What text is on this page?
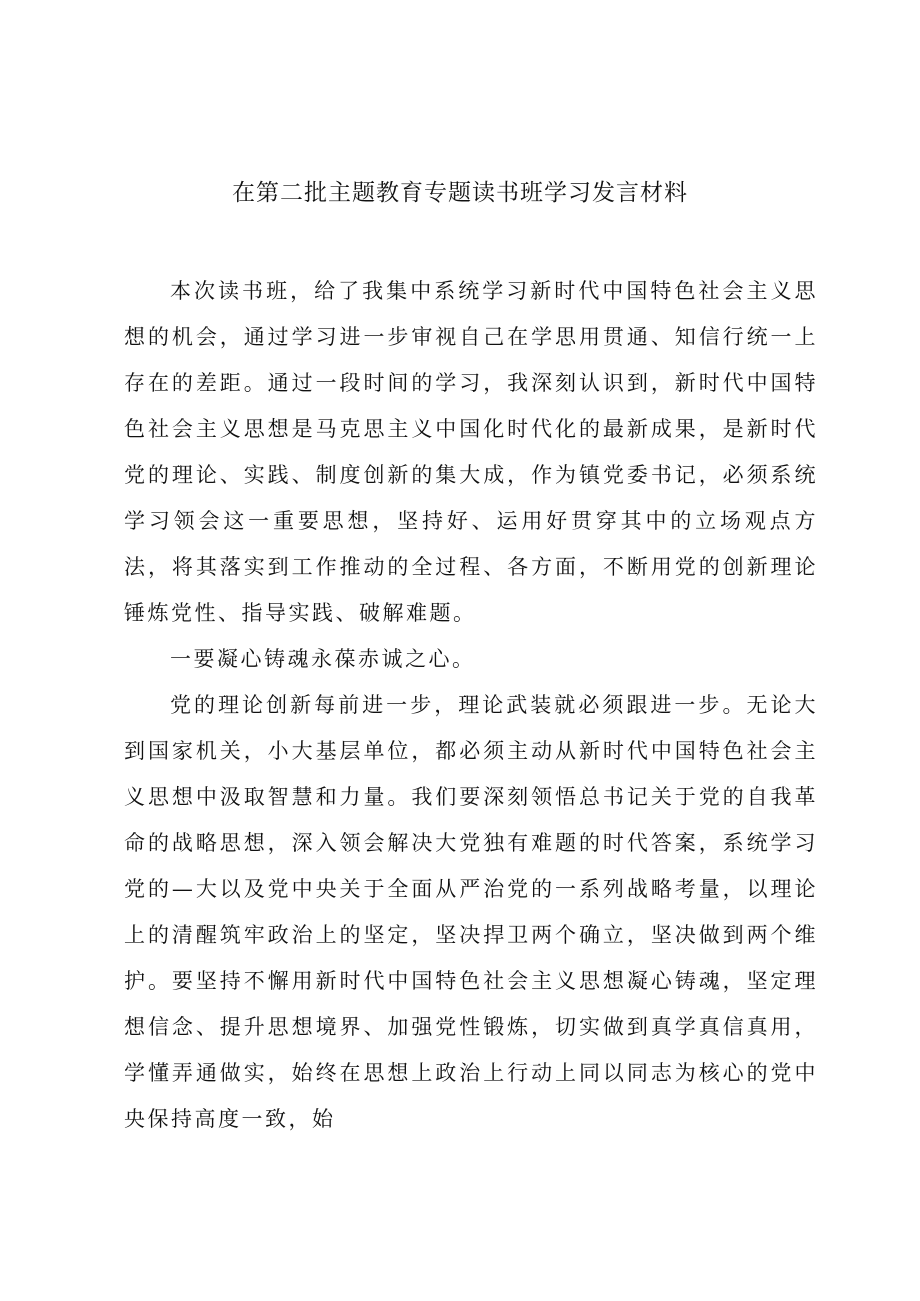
在第二批主题教育专题读书班学习发言材料

本次读书班，给了我集中系统学习新时代中国特色社会主义思想的机会，通过学习进一步审视自己在学思用贯通、知信行统一上存在的差距。通过一段时间的学习，我深刻认识到，新时代中国特色社会主义思想是马克思主义中国化时代化的最新成果，是新时代党的理论、实践、制度创新的集大成，作为镇党委书记，必须系统学习领会这一重要思想，坚持好、运用好贯穿其中的立场观点方法，将其落实到工作推动的全过程、各方面，不断用党的创新理论锤炼党性、指导实践、破解难题。

一要凝心铸魂永葆赤诚之心。

党的理论创新每前进一步，理论武装就必须跟进一步。无论大到国家机关，小大基层单位，都必须主动从新时代中国特色社会主义思想中汲取智慧和力量。我们要深刻领悟总书记关于党的自我革命的战略思想，深入领会解决大党独有难题的时代答案，系统学习党的—大以及党中央关于全面从严治党的一系列战略考量，以理论上的清醒筑牢政治上的坚定，坚决捍卫两个确立，坚决做到两个维护。要坚持不懈用新时代中国特色社会主义思想凝心铸魂，坚定理想信念、提升思想境界、加强党性锻炼，切实做到真学真信真用，学懂弄通做实，始终在思想上政治上行动上同以同志为核心的党中央保持高度一致，始
